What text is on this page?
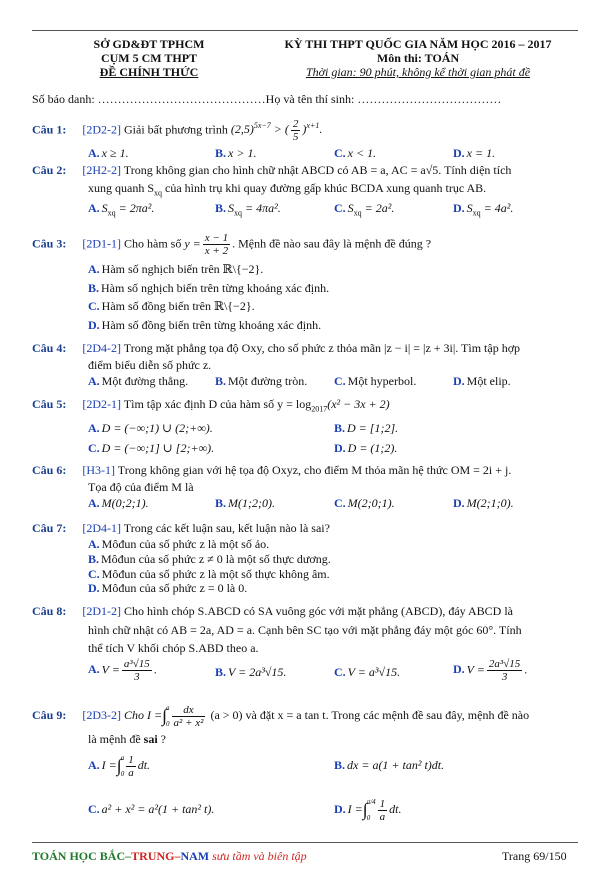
SỞ GD&ĐT TPHCM
CỤM 5 CM THPT
ĐỀ CHÍNH THỨC
KỲ THI THPT QUỐC GIA NĂM HỌC 2016 – 2017
Môn thi: TOÁN
Thời gian: 90 phút, không kể thời gian phát đề
Số báo danh: ……………………………………Họ và tên thí sinh: ………………………………
Câu 1: [2D2-2] Giải bất phương trình $(2,5)^{5x-7}$ > ( $\frac{2}{5} )^{x+1}$.
A. x ≥ 1.	B. x > 1.	C. x < 1.	D. x = 1.
Câu 2: [2H2-2] Trong không gian cho hình chữ nhật ABCD có AB = a, AC = a√5. Tính diện tích
xung quanh $S_{xq}$ của hình trụ khi quay đường gấp khúc BCDA xung quanh trục AB.
A. $S_{xq} = 2\pi a^2$.	B. $S_{xq} = 4\pi a^2$.	C. $S_{xq} = 2a^2$.	D. $S_{xq} = 4a^2$.
Câu 3: [2D1-1] Cho hàm số $y = \frac{x - 1}{x + 2}$ . Mệnh đề nào sau đây là mệnh đề đúng ?
A. Hàm số nghịch biến trên ℝ\{−2}.
B. Hàm số nghịch biến trên từng khoảng xác định.
C. Hàm số đồng biến trên ℝ\{−2}.
D. Hàm số đồng biến trên từng khoảng xác định.
Câu 4: [2D4-2] Trong mặt phẳng tọa độ Oxy, cho số phức z thỏa mãn |z − i| = |z + 3i|. Tìm tập hợp
điểm biểu diễn số phức z.
A. Một đường thẳng. B. Một đường tròn. C. Một hyperbol.	D. Một elip.
Câu 5: [2D2-1] Tìm tập xác định D của hàm số $y = \log_{2017}(x^2 - 3x + 2)$
A. D = (−∞;1) ∪ (2;+∞).	B. D = [1;2].
C. D = (−∞;1] ∪ [2;+∞).	D. D = (1;2).
Câu 6: [H3-1] Trong không gian với hệ tọa độ Oxyz, cho điểm M thỏa mãn hệ thức OM = 2i + j.
Tọa độ của điểm M là
A. M(0;2;1).	B. M(1;2;0).	C. M(2;0;1).	D. M(2;1;0).
Câu 7: [2D4-1] Trong các kết luận sau, kết luận nào là sai?
A. Môđun của số phức z là một số ảo.
B. Môđun của số phức z ≠ 0 là một số thực dương.
C. Môđun của số phức z là một số thực không âm.
D. Môđun của số phức z = 0 là 0.
Câu 8: [2D1-2] Cho hình chóp S.ABCD có SA vuông góc với mặt phẳng (ABCD), đáy ABCD là
hình chữ nhật có AB = 2a, AD = a. Cạnh bên SC tạo với mặt phẳng đáy một góc 60°. Tính
thể tích V khối chóp S.ABD theo a.
A. $V = \frac{\text{a³√15}}{3}$ .	B. V = 2a³√15.	C. V = a³√15.	D. $V = \frac{\text{2a³√15}}{3}$ .
Câu 9: [2D3-2] Cho I =∫ a
$0 \frac{dx}{\text{a² + x²}} (a > 0)$ và đặt x = a tan t. Trong các mệnh đề sau đây, mệnh đề nào
là mệnh đề sai ?
A. I =∫ a
$0 \frac{1}{a}$ dt.	B. dx = a(1 + tan² t)dt.
C. a² + x² = a²(1 + tan² t).	D. I =∫ π/4
$0 \frac{1}{a}$ dt.
TOÁN HỌC BẮC–TRUNG–NAM sưu tầm và biên tập	Trang 69/150
